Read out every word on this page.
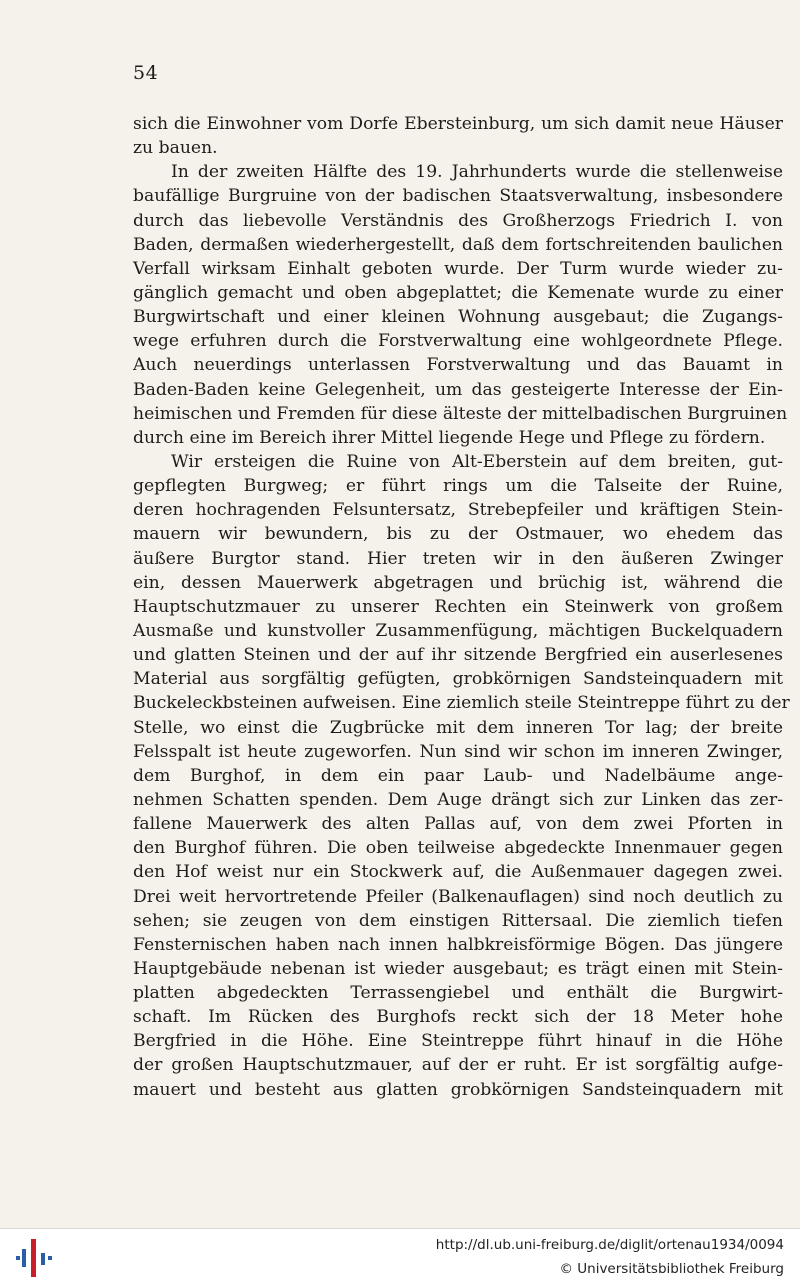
54
sich die Einwohner vom Dorfe Ebersteinburg, um sich damit neue Häuser
zu bauen.
In der zweiten Hälfte des 19. Jahrhunderts wurde die stellenweise
baufällige Burgruine von der badischen Staatsverwaltung, insbesondere
durch das liebevolle Verständnis des Großherzogs Friedrich I. von
Baden, dermaßen wiederhergestellt, daß dem fortschreitenden baulichen
Verfall wirksam Einhalt geboten wurde. Der Turm wurde wieder zu-
gänglich gemacht und oben abgeplattet; die Kemenate wurde zu einer
Burgwirtschaft und einer kleinen Wohnung ausgebaut; die Zugangs-
wege erfuhren durch die Forstverwaltung eine wohlgeordnete Pflege.
Auch neuerdings unterlassen Forstverwaltung und das Bauamt in
Baden-Baden keine Gelegenheit, um das gesteigerte Interesse der Ein-
heimischen und Fremden für diese älteste der mittelbadischen Burgruinen
durch eine im Bereich ihrer Mittel liegende Hege und Pflege zu fördern.
Wir ersteigen die Ruine von Alt-Eberstein auf dem breiten, gut-
gepflegten Burgweg; er führt rings um die Talseite der Ruine,
deren hochragenden Felsuntersatz, Strebepfeiler und kräftigen Stein-
mauern wir bewundern, bis zu der Ostmauer, wo ehedem das
äußere Burgtor stand. Hier treten wir in den äußeren Zwinger
ein, dessen Mauerwerk abgetragen und brüchig ist, während die
Hauptschutzmauer zu unserer Rechten ein Steinwerk von großem
Ausmaße und kunstvoller Zusammenfügung, mächtigen Buckelquadern
und glatten Steinen und der auf ihr sitzende Bergfried ein auserlesenes
Material aus sorgfältig gefügten, grobkörnigen Sandsteinquadern mit
Buckeleckbsteinen aufweisen. Eine ziemlich steile Steintreppe führt zu der
Stelle, wo einst die Zugbrücke mit dem inneren Tor lag; der breite
Felsspalt ist heute zugeworfen. Nun sind wir schon im inneren Zwinger,
dem Burghof, in dem ein paar Laub- und Nadelbäume ange-
nehmen Schatten spenden. Dem Auge drängt sich zur Linken das zer-
fallene Mauerwerk des alten Pallas auf, von dem zwei Pforten in
den Burghof führen. Die oben teilweise abgedeckte Innenmauer gegen
den Hof weist nur ein Stockwerk auf, die Außenmauer dagegen zwei.
Drei weit hervortretende Pfeiler (Balkenauflagen) sind noch deutlich zu
sehen; sie zeugen von dem einstigen Rittersaal. Die ziemlich tiefen
Fensternischen haben nach innen halbkreisförmige Bögen. Das jüngere
Hauptgebäude nebenan ist wieder ausgebaut; es trägt einen mit Stein-
platten abgedeckten Terrassengiebel und enthält die Burgwirt-
schaft. Im Rücken des Burghofs reckt sich der 18 Meter hohe
Bergfried in die Höhe. Eine Steintreppe führt hinauf in die Höhe
der großen Hauptschutzmauer, auf der er ruht. Er ist sorgfältig aufge-
mauert und besteht aus glatten grobkörnigen Sandsteinquadern mit
http://dl.ub.uni-freiburg.de/diglit/ortenau1934/0094
© Universitätsbibliothek Freiburg
